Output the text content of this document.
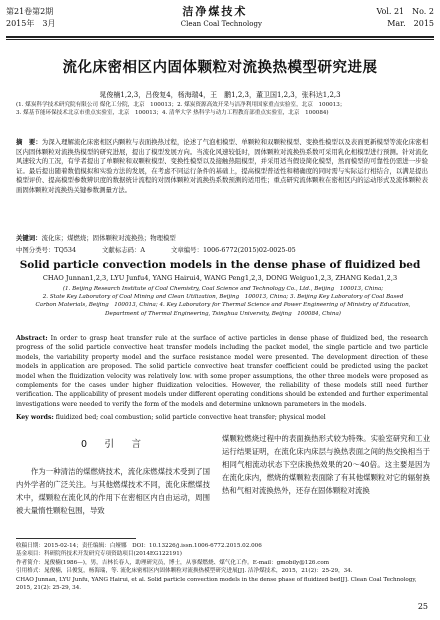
第21卷第2期	洁净煤技术	Vol. 21　No. 2
2015年　3月	Clean Coal Technology	Mar.　2015
流化床密相区内固体颗粒对流换热模型研究进展
晁俊楠1,2,3，吕俊复4，杨海瑞4，王　鹏1,2,3，董卫国1,2,3，张科达1,2,3
(1. 煤炭科学技术研究院有限公司 煤化工分院，北京　100013；2. 煤炭资源高效开采与洁净利用国家重点实验室，北京　100013；
3. 煤基节能环保技术北京市重点实验室，北京　100013；4. 清华大学 热科学与动力工程教育部重点实验室，北京　100084)
摘　要：为深入理解流化床密相区内颗粒与表面换热过程，论述了气泡相模型、单颗粒和双颗粒模型、变换性模型以及表面更新模型等流化床密相区内固体颗粒对流换热模型的研究进展，提出了模型发展方向。当流化风速较低时，固体颗粒对流换热系数可采用乳化相模型进行预测。针对流化风速较大的工况，有学者提出了单颗粒和双颗粒模型、变换性模型以及接触热阻模型，并采用适当假设简化模型，然而模型的可靠性仍需进一步验证。最后提出随着数值模拟和实验方法的发展，在考虑不同运行条件的基础上，提高模型普适性和精确度的同时需与实际运行相结合，以满足提出模型评价、提高模型参数辨识度的数据统计流程的对固体颗粒对流换热系数预测的适用性；重点研究流体颗粒在密相区内的运动形式及流体颗粒表面固体颗粒对流换热关键参数测量方法。
关键词：流化床；煤燃烧；固体颗粒对流换热；物理模型
中图分类号：TQ534	文献标志码：A	文章编号：1006-6772(2015)02-0025-05
Solid particle convection models in the dense phase of fluidized bed
CHAO Junnan1,2,3, LYU Junfu4, YANG Hairui4, WANG Peng1,2,3, DONG Weiguo1,2,3, ZHANG Keda1,2,3
(1. Beijing Research Institute of Coal Chemistry, Coal Science and Technology Co., Ltd., Beijing　100013, China;
2. State Key Laboratory of Coal Mining and Clean Utilization, Beijing　100013, China; 3. Beijing Key Laboratory of Coal Based
Carbon Materials, Beijing　100013, China; 4. Key Laboratory for Thermal Science and Power Engineering of Ministry of Education,
Department of Thermal Engineering, Tsinghua University, Beijing　100084, China)
Abstract: In order to grasp heat transfer rule at the surface of active particles in dense phase of fluidized bed, the research progress of the solid particle convective heat transfer models including the packet model, the single particle and two particle models, the variability property model and the surface resistance model were presented. The development direction of these models in application are proposed. The solid particle convective heat transfer coefficient could be predicted using the packet model when the fluidization velocity was relatively low. with some proper assumptions, the other three models were proposed as complements for the cases under higher fluidization velocities. However, the reliability of these models still need further verification. The applicability of present models under different operating conditions should be extended and further experimental investigations were needed to verify the form of the models and determine unknown parameters in the models.
Key words: fluidized bed; coal combustion; solid particle convective heat transfer; physical model
0　引　言

作为一种清洁的煤燃烧技术，流化床燃煤技术受到了国内外学者的广泛关注。与其他燃煤技术不同，流化床燃煤技术中，煤颗粒在流化风的作用下在密相区内自由运动，周围被大量惰性颗粒包围，导致

煤颗粒燃烧过程中的表面换热形式较为特殊。实验室研究和工业运行结果证明，在流化床内床层与换热表面之间的热交换相当于相同气相流动状态下空床换热效果的20～40倍。这主要是因为在流化床内，燃烧的煤颗粒表面除了有其他煤颗粒对它的辐射换热和气相对流换热外，还存在固体颗粒对流换

收稿日期：2015-02-14；责任编辑：白娅娜　DOI：10.13226/j.issn.1006-6772.2015.02.006
基金项目：科研院所技术开发研究专项资助项目(2014EG122191)
作者简介：晁俊楠(1986—)，男，吉林长春人，助理研究员，博士，从事煤燃烧、煤气化工作。E-mail：gmobily@126.com
引用格式：晁俊楠，吕俊复，杨海瑞，等. 流化床密相区内固体颗粒对流换热模型研究进展[J]. 洁净煤技术，2015，21(2)：25-29，34.
CHAO Junnan, LYU Junfu, YANG Hairui, et al. Solid particle convection models in the dense phase of fluidized bed[J]. Clean Coal Technology, 2015, 21(2): 25-29, 34.
25
